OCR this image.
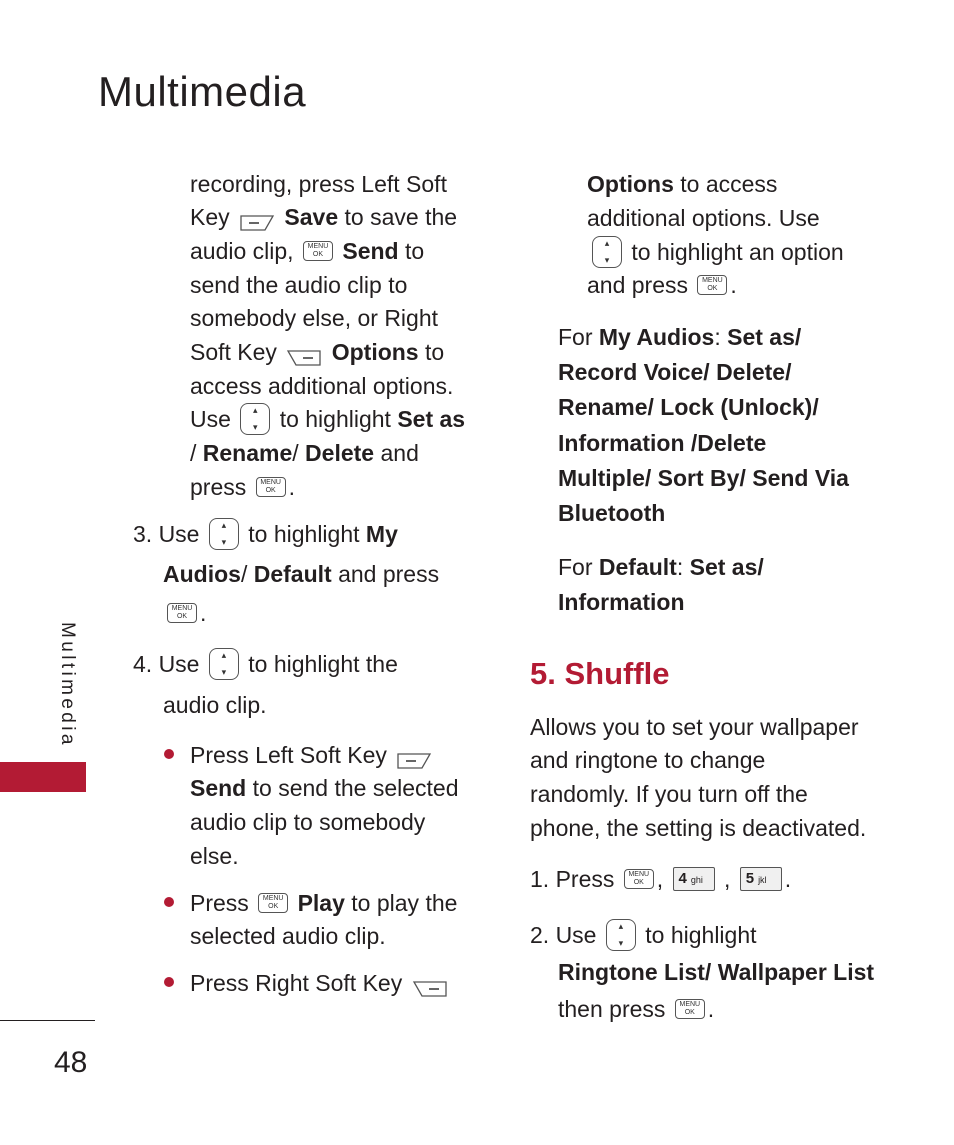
Multimedia
Multimedia
48
recording, press Left Soft
Key Save to save the
audio clip, MENU
OK Send to
send the audio clip to
somebody else, or Right
Soft Key Options to
access additional options.
Use ▴ ▾ to highlight Set as
/ Rename/ Delete and
press MENU
OK .
3. Use ▴ ▾ to highlight My
Audios/ Default and press
MENU
OK .
4. Use ▴ ▾ to highlight the
audio clip.
Press Left Soft Key
Send to send the selected
audio clip to somebody
else.
Press MENU
OK Play to play the
selected audio clip.
Press Right Soft Key
Options to access
additional options. Use
▴ ▾ to highlight an option
and press MENU
OK .
For My Audios: Set as/
Record Voice/ Delete/
Rename/ Lock (Unlock)/
Information /Delete
Multiple/ Sort By/ Send Via
Bluetooth
For Default: Set as/
Information
5. Shuffle
Allows you to set your wallpaper
and ringtone to change
randomly. If you turn off the
phone, the setting is deactivated.
1. Press MENU
OK , 4 ghi , 5 jkl .
2. Use ▴ ▾ to highlight
Ringtone List/ Wallpaper List
then press MENU
OK .
